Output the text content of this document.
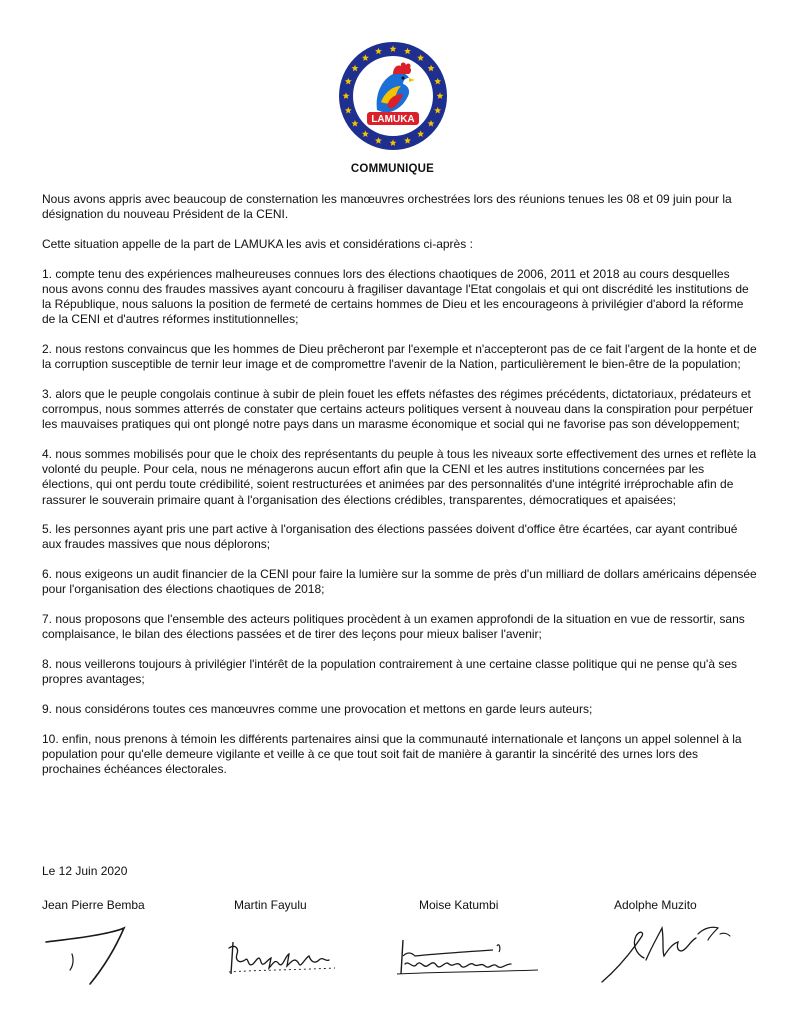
LAMUKA
COMMUNIQUE

Nous avons appris avec beaucoup de consternation les manœuvres orchestrées lors des réunions tenues les 08 et 09 juin pour la désignation du nouveau Président de la CENI.

Cette situation appelle de la part de LAMUKA les avis et considérations ci-après :

1. compte tenu des expériences malheureuses connues lors des élections chaotiques de 2006, 2011 et 2018 au cours desquelles nous avons connu des fraudes massives ayant concouru à fragiliser davantage l'Etat congolais et qui ont discrédité les institutions de la République, nous saluons la position de fermeté de certains hommes de Dieu et les encourageons à privilégier d'abord la réforme de la CENI et d'autres réformes institutionnelles;

2. nous restons convaincus que les hommes de Dieu prêcheront par l'exemple et n'accepteront pas de ce fait l'argent de la honte et de la corruption susceptible de ternir leur image et de compromettre l'avenir de la Nation, particulièrement le bien-être de la population;

3. alors que le peuple congolais continue à subir de plein fouet les effets néfastes des régimes précédents, dictatoriaux, prédateurs et corrompus, nous sommes atterrés de constater que certains acteurs politiques versent à nouveau dans la conspiration pour perpétuer les mauvaises pratiques qui ont plongé notre pays dans un marasme économique et social qui ne favorise pas son développement;

4. nous sommes mobilisés pour que le choix des représentants du peuple à tous les niveaux sorte effectivement des urnes et reflète la volonté du peuple. Pour cela, nous ne ménagerons aucun effort afin que la CENI et les autres institutions concernées par les élections, qui ont perdu toute crédibilité, soient restructurées et animées par des personnalités d'une intégrité irréprochable afin de rassurer le souverain primaire quant à l'organisation des élections crédibles, transparentes, démocratiques et apaisées;

5. les personnes ayant pris une part active à l'organisation des élections passées doivent d'office être écartées, car ayant contribué aux fraudes massives que nous déplorons;

6. nous exigeons un audit financier de la CENI pour faire la lumière sur la somme de près d'un milliard de dollars américains dépensée pour l'organisation des élections chaotiques de 2018;

7. nous proposons que l'ensemble des acteurs politiques procèdent à un examen approfondi de la situation en vue de ressortir, sans complaisance, le bilan des élections passées et de tirer des leçons pour mieux baliser l'avenir;

8. nous veillerons toujours à privilégier l'intérêt de la population contrairement à une certaine classe politique qui ne pense qu'à ses propres avantages;

9. nous considérons toutes ces manœuvres comme une provocation et mettons en garde leurs auteurs;

10. enfin, nous prenons à témoin les différents partenaires ainsi que la communauté internationale et lançons un appel solennel à la population pour qu'elle demeure vigilante et veille à ce que tout soit fait de manière à garantir la sincérité des urnes lors des prochaines échéances électorales.

Le 12 Juin 2020
Jean Pierre Bemba	Martin Fayulu	Moise Katumbi	Adolphe Muzito
